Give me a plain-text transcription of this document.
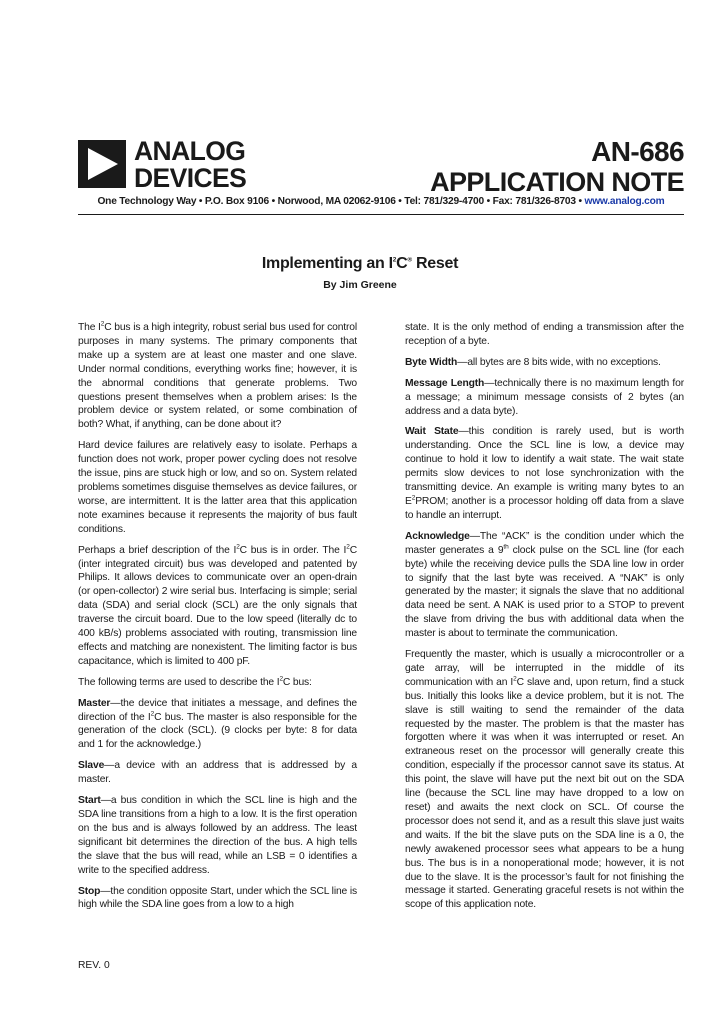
ANALOG
DEVICES
AN-686
APPLICATION NOTE
One Technology Way • P.O. Box 9106 • Norwood, MA 02062-9106 • Tel: 781/329-4700 • Fax: 781/326-8703 • www.analog.com
Implementing an $I^2C®$ Reset
By Jim Greene

The $I^2C$ bus is a high integrity, robust serial bus used for control purposes in many systems. The primary components that make up a system are at least one master and one slave. Under normal conditions, everything works fine; however, it is the abnormal conditions that generate problems. Two questions present themselves when a problem arises: Is the problem device or system related, or some combination of both? What, if anything, can be done about it?

Hard device failures are relatively easy to isolate. Perhaps a function does not work, proper power cycling does not resolve the issue, pins are stuck high or low, and so on. System related problems sometimes disguise themselves as device failures, or worse, are intermittent. It is the latter area that this application note examines because it represents the majority of bus fault conditions.

Perhaps a brief description of the $I^2C$ bus is in order. The $I^2C$ (inter integrated circuit) bus was developed and patented by Philips. It allows devices to communicate over an open-drain (or open-collector) 2 wire serial bus. Interfacing is simple; serial data (SDA) and serial clock (SCL) are the only signals that traverse the circuit board. Due to the low speed (literally dc to 400 kB/s) problems associated with routing, transmission line effects and matching are nonexistent. The limiting factor is bus capacitance, which is limited to 400 pF.

The following terms are used to describe the $I^2C$ bus:

Master—the device that initiates a message, and defines the direction of the $I^2C$ bus. The master is also responsible for the generation of the clock (SCL). (9 clocks per byte: 8 for data and 1 for the acknowledge.)

Slave—a device with an address that is addressed by a master.

Start—a bus condition in which the SCL line is high and the SDA line transitions from a high to a low. It is the first operation on the bus and is always followed by an address. The least significant bit determines the direction of the bus. A high tells the slave that the bus will read, while an LSB = 0 identifies a write to the specified address.

Stop—the condition opposite Start, under which the SCL line is high while the SDA line goes from a low to a high

state. It is the only method of ending a transmission after the reception of a byte.

Byte Width—all bytes are 8 bits wide, with no exceptions.

Message Length—technically there is no maximum length for a message; a minimum message consists of 2 bytes (an address and a data byte).

Wait State—this condition is rarely used, but is worth understanding. Once the SCL line is low, a device may continue to hold it low to identify a wait state. The wait state permits slow devices to not lose synchronization with the transmitting device. An example is writing many bytes to an $E^2PROM$; another is a processor holding off data from a slave to handle an interrupt.

Acknowledge—The “ACK” is the condition under which the master generates a 9th clock pulse on the SCL line (for each byte) while the receiving device pulls the SDA line low in order to signify that the last byte was received. A “NAK” is only generated by the master; it signals the slave that no additional data need be sent. A NAK is used prior to a STOP to prevent the slave from driving the bus with additional data when the master is about to terminate the communication.

Frequently the master, which is usually a microcontroller or a gate array, will be interrupted in the middle of its communication with an $I^2C$ slave and, upon return, find a stuck bus. Initially this looks like a device problem, but it is not. The slave is still waiting to send the remainder of the data requested by the master. The problem is that the master has forgotten where it was when it was interrupted or reset. An extraneous reset on the processor will generally create this condition, especially if the processor cannot save its status. At this point, the slave will have put the next bit out on the SDA line (because the SCL line may have dropped to a low on reset) and awaits the next clock on SCL. Of course the processor does not send it, and as a result this slave just waits and waits. If the bit the slave puts on the SDA line is a 0, the newly awakened processor sees what appears to be a hung bus. The bus is in a nonoperational mode; however, it is not due to the slave. It is the processor’s fault for not finishing the message it started. Generating graceful resets is not within the scope of this application note.

REV. 0
